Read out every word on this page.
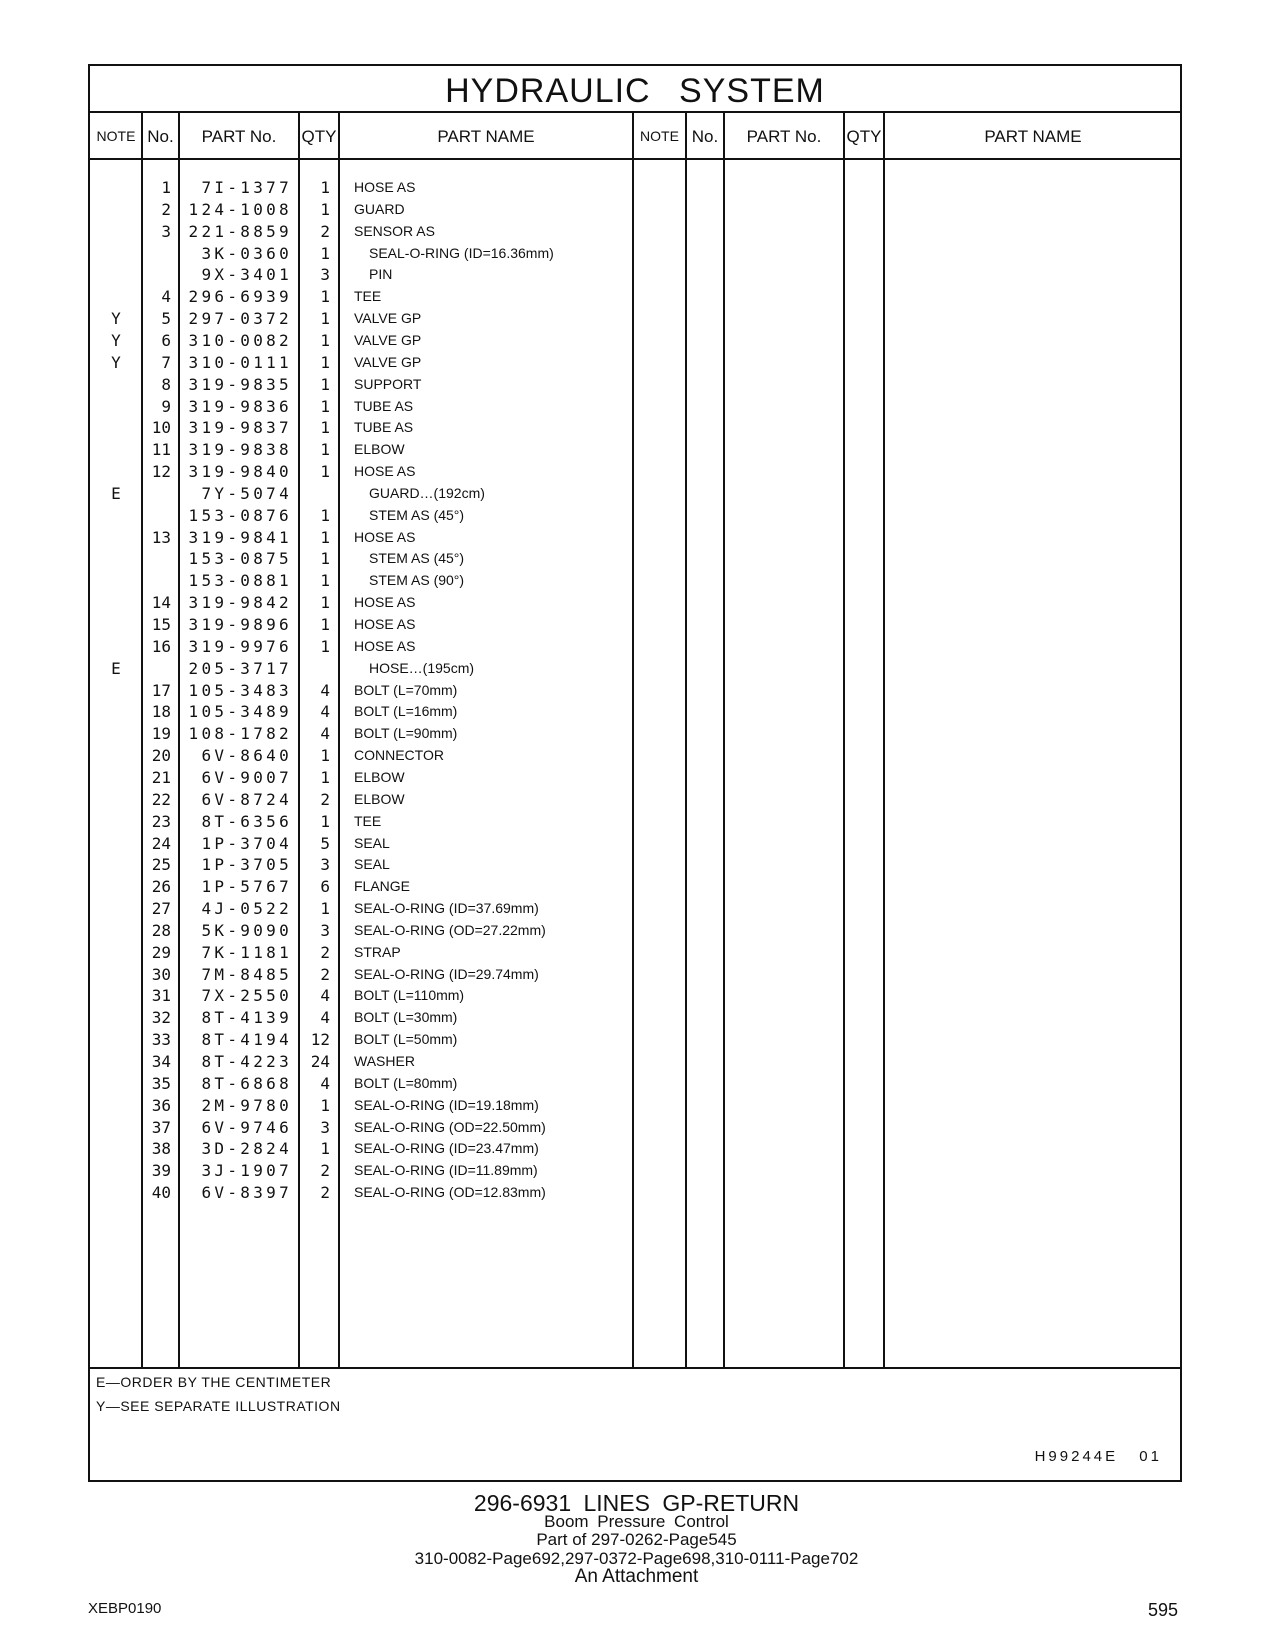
HYDRAULIC SYSTEM
NOTE No.	PART No.	QTY	PART NAME	NOTE No.	PART No.	QTY	PART NAME
1	7I-1377	1 HOSE AS
2	124-1008	1 GUARD
3	221-8859	2 SENSOR AS
3K-0360	1	SEAL-O-RING (ID=16.36mm)
9X-3401	3	PIN
4	296-6939	1 TEE
Y	5	297-0372	1 VALVE GP
Y	6	310-0082	1 VALVE GP
Y	7	310-0111	1 VALVE GP
8	319-9835	1 SUPPORT
9	319-9836	1 TUBE AS
10	319-9837	1 TUBE AS
11	319-9838	1 ELBOW
12	319-9840	1 HOSE AS
E	7Y-5074	GUARD…(192cm)
153-0876	1	STEM AS (45°)
13	319-9841	1 HOSE AS
153-0875	1	STEM AS (45°)
153-0881	1	STEM AS (90°)
14	319-9842	1 HOSE AS
15	319-9896	1 HOSE AS
16	319-9976	1 HOSE AS
E	205-3717	HOSE…(195cm)
17	105-3483	4 BOLT (L=70mm)
18	105-3489	4 BOLT (L=16mm)
19	108-1782	4 BOLT (L=90mm)
20	6V-8640	1 CONNECTOR
21	6V-9007	1 ELBOW
22	6V-8724	2 ELBOW
23	8T-6356	1 TEE
24	1P-3704	5 SEAL
25	1P-3705	3 SEAL
26	1P-5767	6 FLANGE
27	4J-0522	1 SEAL-O-RING (ID=37.69mm)
28	5K-9090	3 SEAL-O-RING (OD=27.22mm)
29	7K-1181	2 STRAP
30	7M-8485	2 SEAL-O-RING (ID=29.74mm)
31	7X-2550	4 BOLT (L=110mm)
32	8T-4139	4 BOLT (L=30mm)
33	8T-4194	12 BOLT (L=50mm)
34	8T-4223	24 WASHER
35	8T-6868	4 BOLT (L=80mm)
36	2M-9780	1 SEAL-O-RING (ID=19.18mm)
37	6V-9746	3 SEAL-O-RING (OD=22.50mm)
38	3D-2824	1 SEAL-O-RING (ID=23.47mm)
39	3J-1907	2 SEAL-O-RING (ID=11.89mm)
40	6V-8397	2 SEAL-O-RING (OD=12.83mm)
E—ORDER BY THE CENTIMETER
Y—SEE SEPARATE ILLUSTRATION
H99244E 01
296-6931 LINES GP-RETURN
Boom Pressure Control
Part of 297-0262-Page545
310-0082-Page692,297-0372-Page698,310-0111-Page702
An Attachment
XEBP0190	595
